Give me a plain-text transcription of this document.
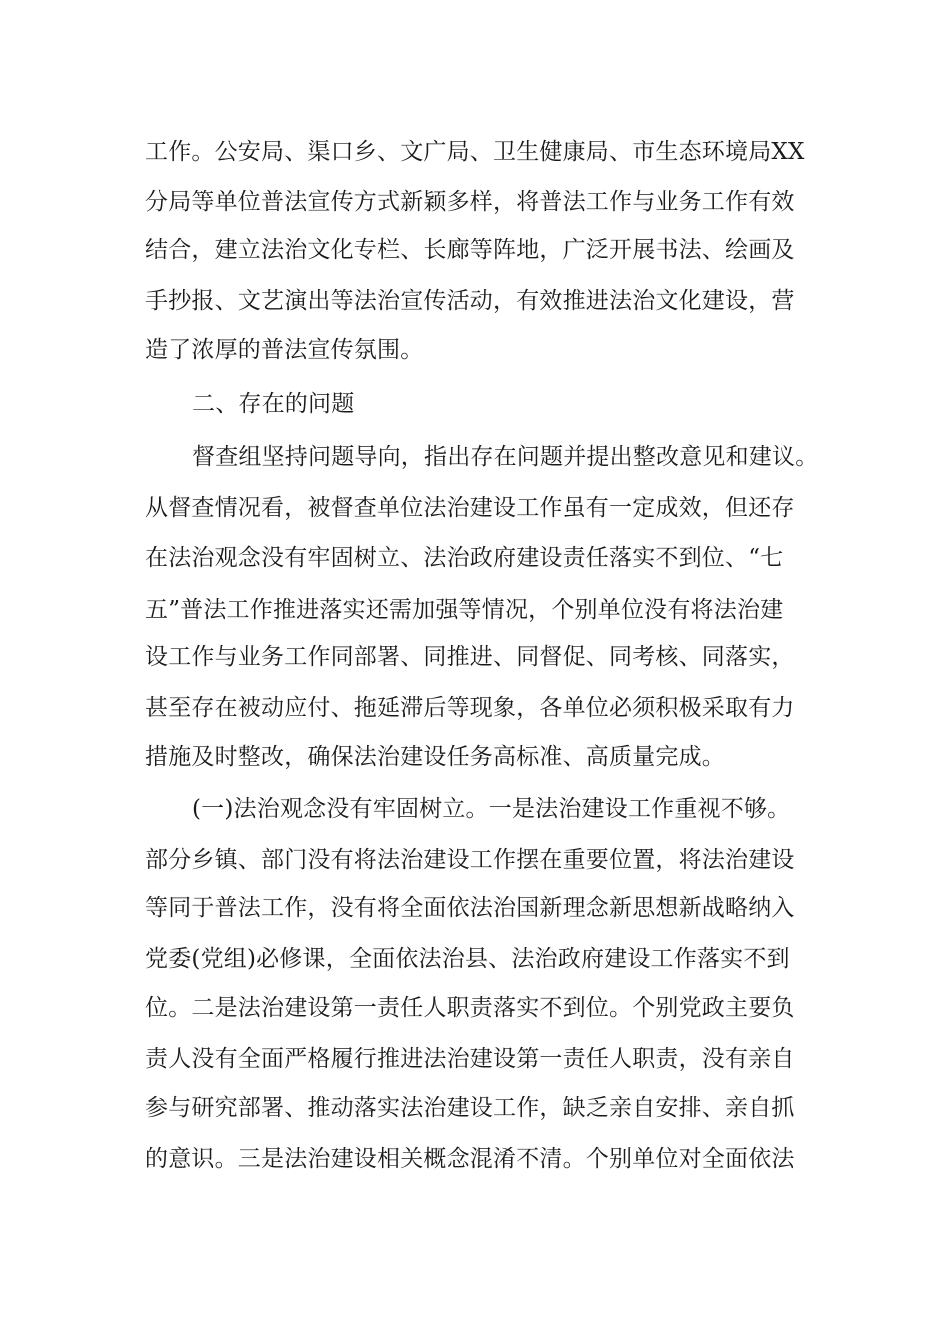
工作。公安局、渠口乡、文广局、卫生健康局、市生态环境局XX
分局等单位普法宣传方式新颖多样，将普法工作与业务工作有效
结合，建立法治文化专栏、长廊等阵地，广泛开展书法、绘画及
手抄报、文艺演出等法治宣传活动，有效推进法治文化建设，营
造了浓厚的普法宣传氛围。
二、存在的问题
督查组坚持问题导向，指出存在问题并提出整改意见和建议。
从督查情况看，被督查单位法治建设工作虽有一定成效，但还存
在法治观念没有牢固树立、法治政府建设责任落实不到位、“七
五”普法工作推进落实还需加强等情况，个别单位没有将法治建
设工作与业务工作同部署、同推进、同督促、同考核、同落实，
甚至存在被动应付、拖延滞后等现象，各单位必须积极采取有力
措施及时整改，确保法治建设任务高标准、高质量完成。
(一)法治观念没有牢固树立。一是法治建设工作重视不够。
部分乡镇、部门没有将法治建设工作摆在重要位置，将法治建设
等同于普法工作，没有将全面依法治国新理念新思想新战略纳入
党委(党组)必修课，全面依法治县、法治政府建设工作落实不到
位。二是法治建设第一责任人职责落实不到位。个别党政主要负
责人没有全面严格履行推进法治建设第一责任人职责，没有亲自
参与研究部署、推动落实法治建设工作，缺乏亲自安排、亲自抓
的意识。三是法治建设相关概念混淆不清。个别单位对全面依法
